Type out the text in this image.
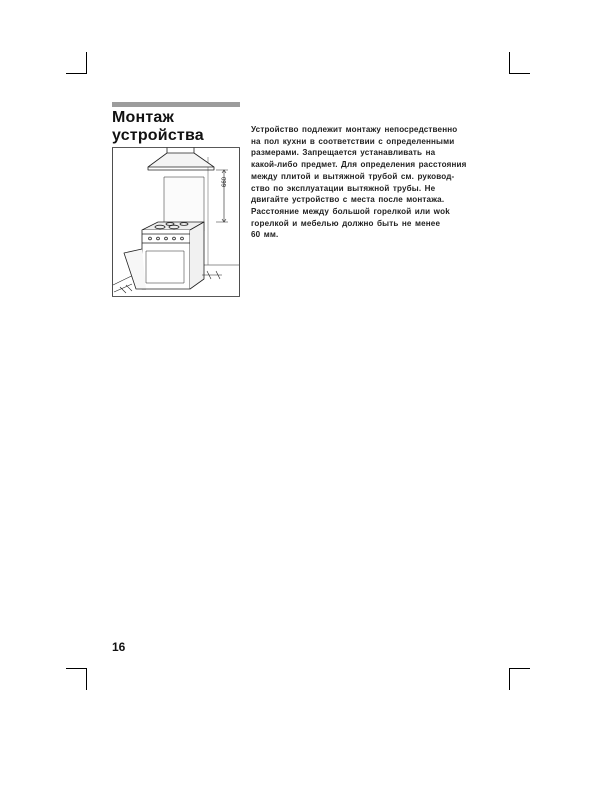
Монтаж
устройства
660
Устройство подлежит монтажу непосредственно
на пол кухни в соответствии с определенными
размерами. Запрещается устанавливать на
какой-либо предмет. Для определения расстояния
между плитой и вытяжной трубой см. руковод-
ство по эксплуатации вытяжной трубы. Не
двигайте устройство с места после монтажа.
Расстояние между большой горелкой или wok
горелкой и мебелью должно быть не менее
60 мм.
16
